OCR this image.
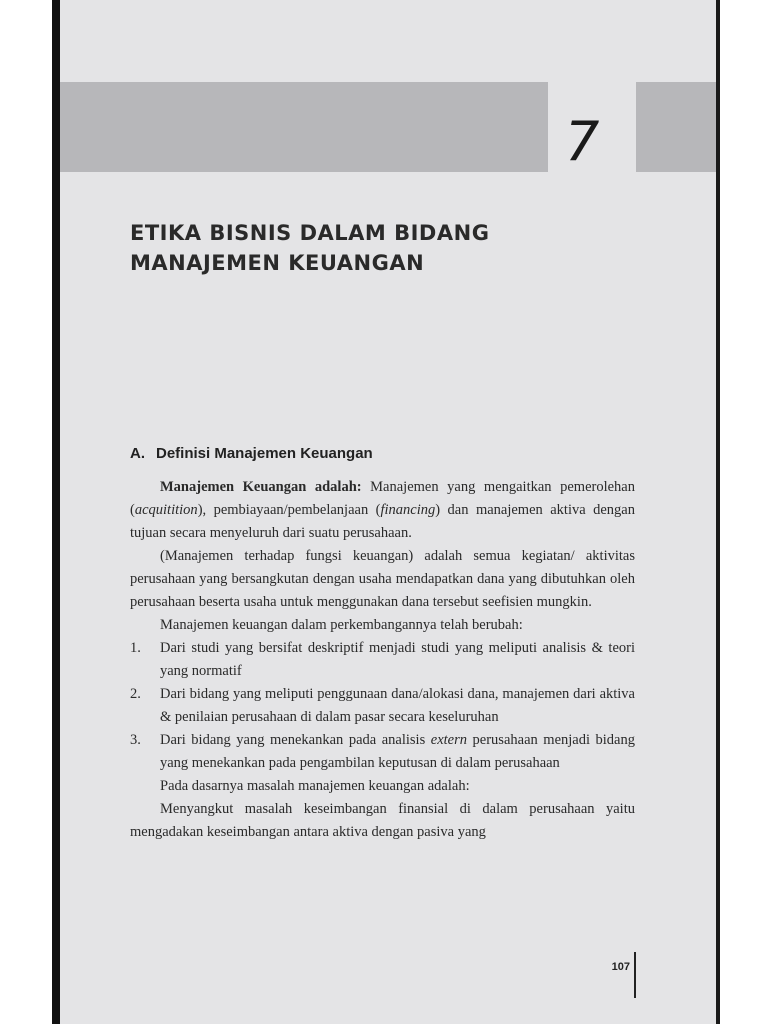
7
ETIKA BISNIS DALAM BIDANG
MANAJEMEN KEUANGAN
A. Definisi Manajemen Keuangan

Manajemen Keuangan adalah: Manajemen yang mengaitkan pemerolehan (acquitition), pembiayaan/pembelanjaan (financing) dan manajemen aktiva dengan tujuan secara menyeluruh dari suatu perusahaan.

(Manajemen terhadap fungsi keuangan) adalah semua kegiatan/ aktivitas perusahaan yang bersangkutan dengan usaha mendapatkan dana yang dibutuhkan oleh perusahaan beserta usaha untuk menggunakan dana tersebut seefisien mungkin.

Manajemen keuangan dalam perkembangannya telah berubah:

1. Dari studi yang bersifat deskriptif menjadi studi yang meliputi analisis & teori yang normatif
2. Dari bidang yang meliputi penggunaan dana/alokasi dana, manajemen dari aktiva & penilaian perusahaan di dalam pasar secara keseluruhan
3. Dari bidang yang menekankan pada analisis extern perusahaan menjadi bidang yang menekankan pada pengambilan keputusan di dalam perusahaan

Pada dasarnya masalah manajemen keuangan adalah:

Menyangkut masalah keseimbangan finansial di dalam perusahaan yaitu mengadakan keseimbangan antara aktiva dengan pasiva yang

107
